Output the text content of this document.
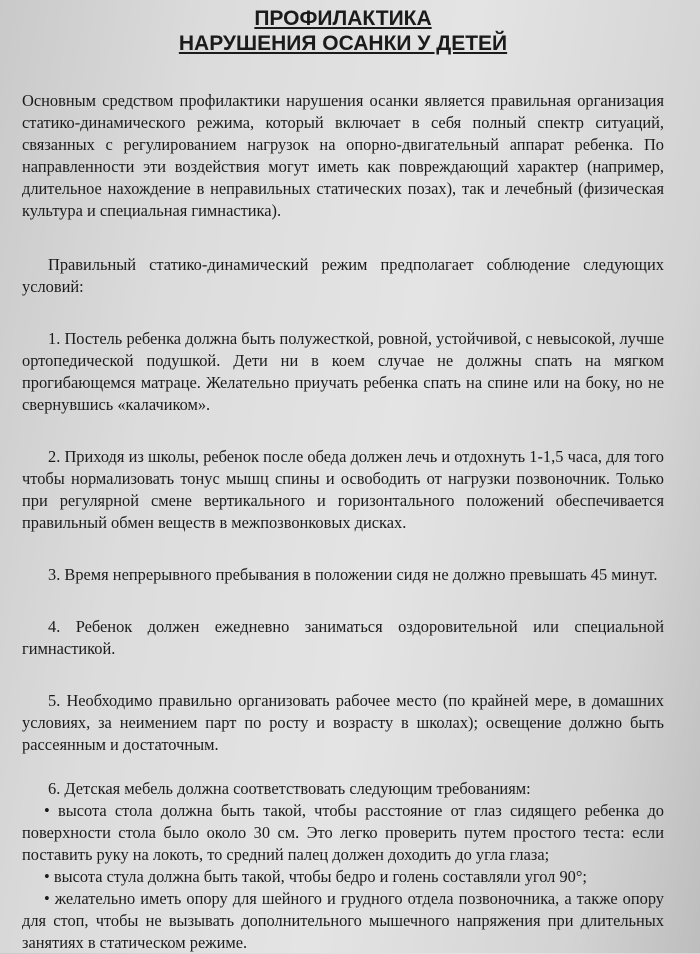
ПРОФИЛАКТИКА
НАРУШЕНИЯ ОСАНКИ У ДЕТЕЙ

Основным средством профилактики нарушения осанки является правильная организация статико-динамического режима, который включает в себя полный спектр ситуаций, связанных с регулированием нагрузок на опорно-двигательный аппарат ребенка. По направленности эти воздействия могут иметь как повреждающий характер (например, длительное нахождение в неправильных статических позах), так и лечебный (физическая культура и специальная гимнастика).

Правильный статико-динамический режим предполагает соблюдение следующих условий:

1. Постель ребенка должна быть полужесткой, ровной, устойчивой, с невысокой, лучше ортопедической подушкой. Дети ни в коем случае не должны спать на мягком прогибающемся матраце. Желательно приучать ребенка спать на спине или на боку, но не свернувшись «калачиком».

2. Приходя из школы, ребенок после обеда должен лечь и отдохнуть 1-1,5 часа, для того чтобы нормализовать тонус мышц спины и освободить от нагрузки позвоночник. Только при регулярной смене вертикального и горизонтального положений обеспечивается правильный обмен веществ в межпозвонковых дисках.

3. Время непрерывного пребывания в положении сидя не должно превышать 45 минут.

4. Ребенок должен ежедневно заниматься оздоровительной или специальной гимнастикой.

5. Необходимо правильно организовать рабочее место (по крайней мере, в домашних условиях, за неимением парт по росту и возрасту в школах); освещение должно быть рассеянным и достаточным.

6. Детская мебель должна соответствовать следующим требованиям:

• высота стола должна быть такой, чтобы расстояние от глаз сидящего ребенка до поверхности стола было около 30 см. Это легко проверить путем простого теста: если поставить руку на локоть, то средний палец должен доходить до угла глаза;

• высота стула должна быть такой, чтобы бедро и голень составляли угол 90°;

• желательно иметь опору для шейного и грудного отдела позвоночника, а также опору для стоп, чтобы не вызывать дополнительного мышечного напряжения при длительных занятиях в статическом режиме.
